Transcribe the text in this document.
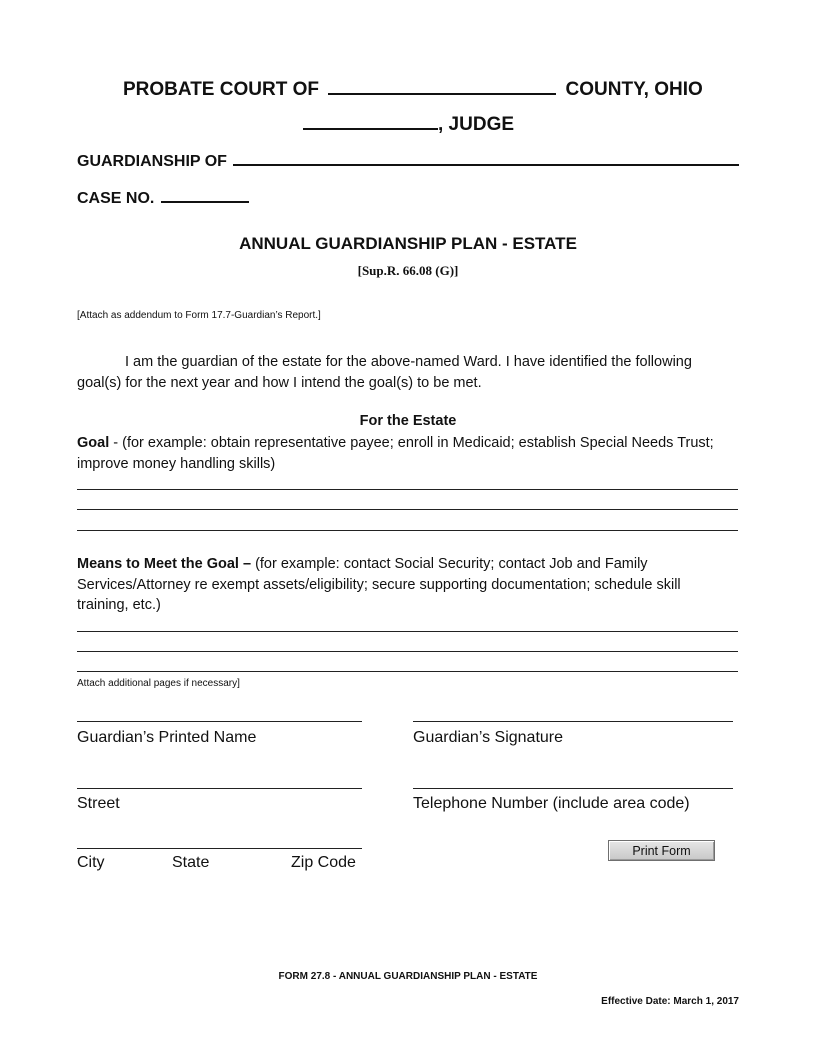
PROBATE COURT OF	COUNTY, OHIO
, JUDGE
GUARDIANSHIP OF
CASE NO.
ANNUAL GUARDIANSHIP PLAN - ESTATE
[Sup.R. 66.08 (G)]
[Attach as addendum to Form 17.7-Guardian’s Report.]
I am the guardian of the estate for the above-named Ward. I have identified the following
goal(s) for the next year and how I intend the goal(s) to be met.
For the Estate
Goal - (for example: obtain representative payee; enroll in Medicaid; establish Special Needs Trust;
improve money handling skills)
Means to Meet the Goal – (for example: contact Social Security; contact Job and Family
Services/Attorney re exempt assets/eligibility; secure supporting documentation; schedule skill
training, etc.)
Attach additional pages if necessary]
Guardian’s Printed Name	Guardian’s Signature
Street	Telephone Number (include area code)
City	State	Zip Code
Print Form
FORM 27.8 - ANNUAL GUARDIANSHIP PLAN - ESTATE
Effective Date: March 1, 2017
